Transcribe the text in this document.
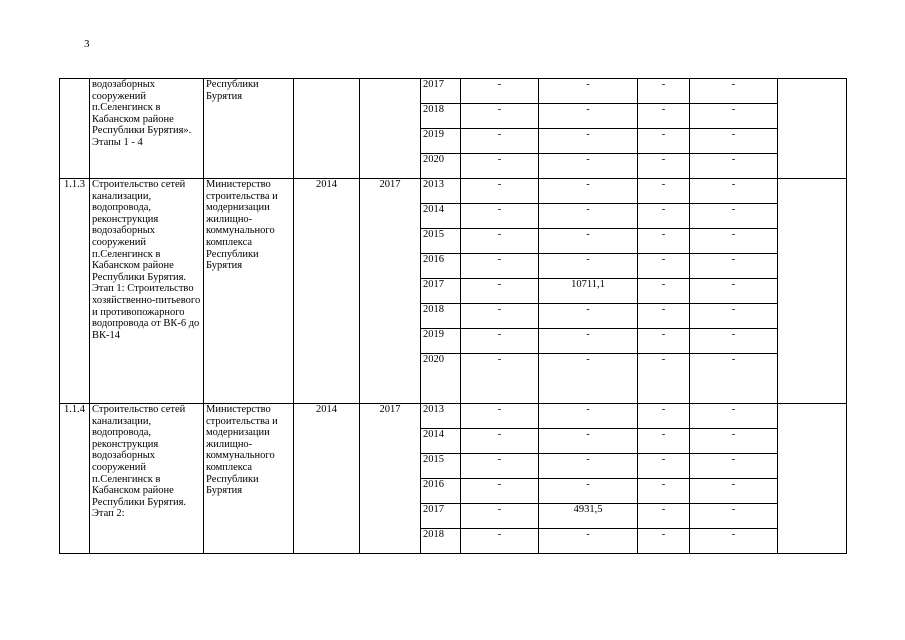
3
	водозаборных сооружений п.Селенгинск в Кабанском районе Республики Бурятия». Этапы 1 - 4	Республики Бурятия			2017	-	-	-	-	
					2018	-	-	-	-	
					2019	-	-	-	-	
					2020	-	-	-	-	
1.1.3	Строительство сетей канализации, водопровода, реконструкция водозаборных сооружений п.Селенгинск в Кабанском районе Республики Бурятия. Этап 1: Строительство хозяйственно-питьевого и противопожарного водопровода от ВК-6 до ВК-14	Министерство строительства и модернизации жилищно-коммунального комплекса Республики Бурятия	2014	2017	2013	-	-	-	-	
					2014	-	-	-	-	
					2015	-	-	-	-	
					2016	-	-	-	-	
					2017	-	10711,1	-	-	
					2018	-	-	-	-	
					2019	-	-	-	-	
					2020	-	-	-	-	
1.1.4	Строительство сетей канализации, водопровода, реконструкция водозаборных сооружений п.Селенгинск в Кабанском районе Республики Бурятия. Этап 2:	Министерство строительства и модернизации жилищно-коммунального комплекса Республики Бурятия	2014	2017	2013	-	-	-	-	
					2014	-	-	-	-	
					2015	-	-	-	-	
					2016	-	-	-	-	
					2017	-	4931,5	-	-	
					2018	-	-	-	-	
